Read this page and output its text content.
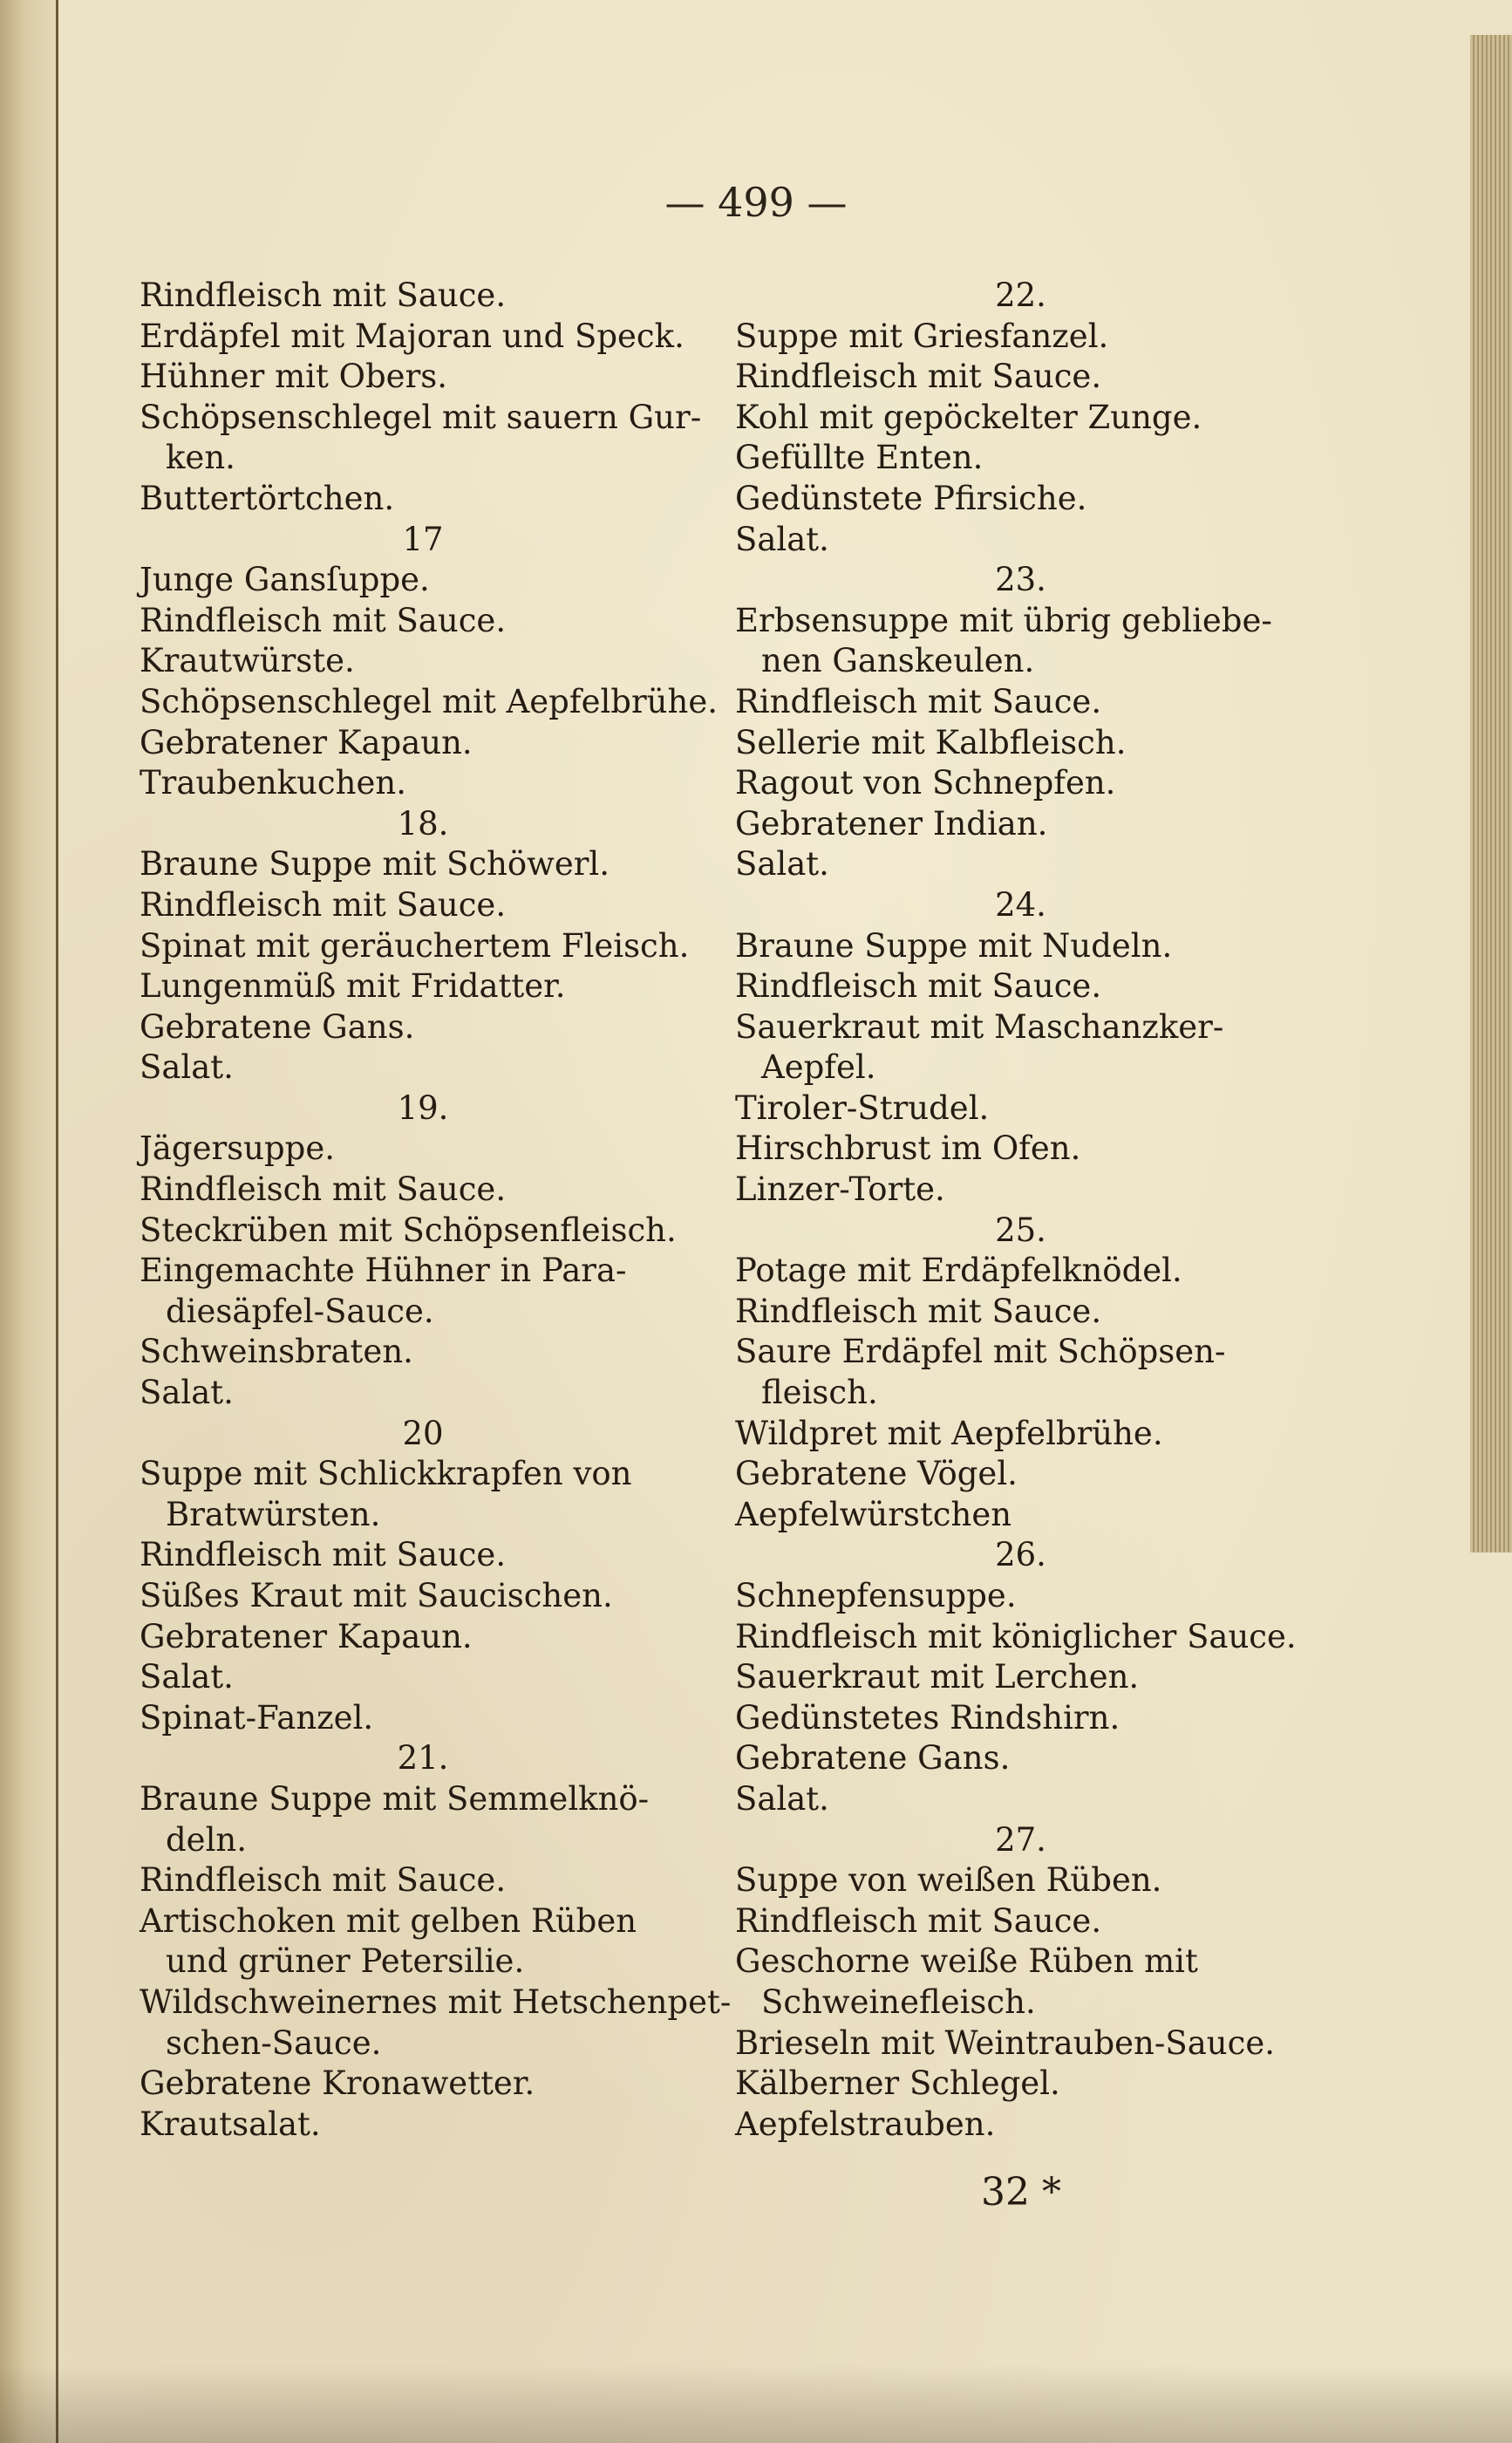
— 499 —
Rindfleisch mit Sauce.
Erdäpfel mit Majoran und Speck.
Hühner mit Obers.
Schöpsenschlegel mit sauern Gur-
ken.
Buttertörtchen.
17
Junge Gansſuppe.
Rindfleisch mit Sauce.
Krautwürste.
Schöpsenschlegel mit Aepfelbrühe.
Gebratener Kapaun.
Traubenkuchen.
18.
Braune Suppe mit Schöwerl.
Rindfleisch mit Sauce.
Spinat mit geräuchertem Fleisch.
Lungenmüß mit Fridatter.
Gebratene Gans.
Salat.
19.
Jägersuppe.
Rindfleisch mit Sauce.
Steckrüben mit Schöpsenfleisch.
Eingemachte Hühner in Para-
diesäpfel-Sauce.
Schweinsbraten.
Salat.
20
Suppe mit Schlickkrapfen von
Bratwürsten.
Rindfleisch mit Sauce.
Süßes Kraut mit Saucischen.
Gebratener Kapaun.
Salat.
Spinat-Fanzel.
21.
Braune Suppe mit Semmelknö-
deln.
Rindfleisch mit Sauce.
Artischoken mit gelben Rüben
und grüner Petersilie.
Wildschweinernes mit Hetschenpet-
schen-Sauce.
Gebratene Kronawetter.
Krautsalat.
22.
Suppe mit Griesfanzel.
Rindfleisch mit Sauce.
Kohl mit gepöckelter Zunge.
Gefüllte Enten.
Gedünstete Pfirsiche.
Salat.
23.
Erbsensuppe mit übrig gebliebe-
nen Ganskeulen.
Rindfleisch mit Sauce.
Sellerie mit Kalbfleisch.
Ragout von Schnepfen.
Gebratener Indian.
Salat.
24.
Braune Suppe mit Nudeln.
Rindfleisch mit Sauce.
Sauerkraut mit Maschanzker-
Aepfel.
Tiroler-Strudel.
Hirschbrust im Ofen.
Linzer-Torte.
25.
Potage mit Erdäpfelknödel.
Rindfleisch mit Sauce.
Saure Erdäpfel mit Schöpsen-
fleisch.
Wildpret mit Aepfelbrühe.
Gebratene Vögel.
Aepfelwürstchen
26.
Schnepfensuppe.
Rindfleisch mit königlicher Sauce.
Sauerkraut mit Lerchen.
Gedünstetes Rindshirn.
Gebratene Gans.
Salat.
27.
Suppe von weißen Rüben.
Rindfleisch mit Sauce.
Geschorne weiße Rüben mit
Schweinefleisch.
Brieseln mit Weintrauben-Sauce.
Kälberner Schlegel.
Aepfelstrauben.
32 *
